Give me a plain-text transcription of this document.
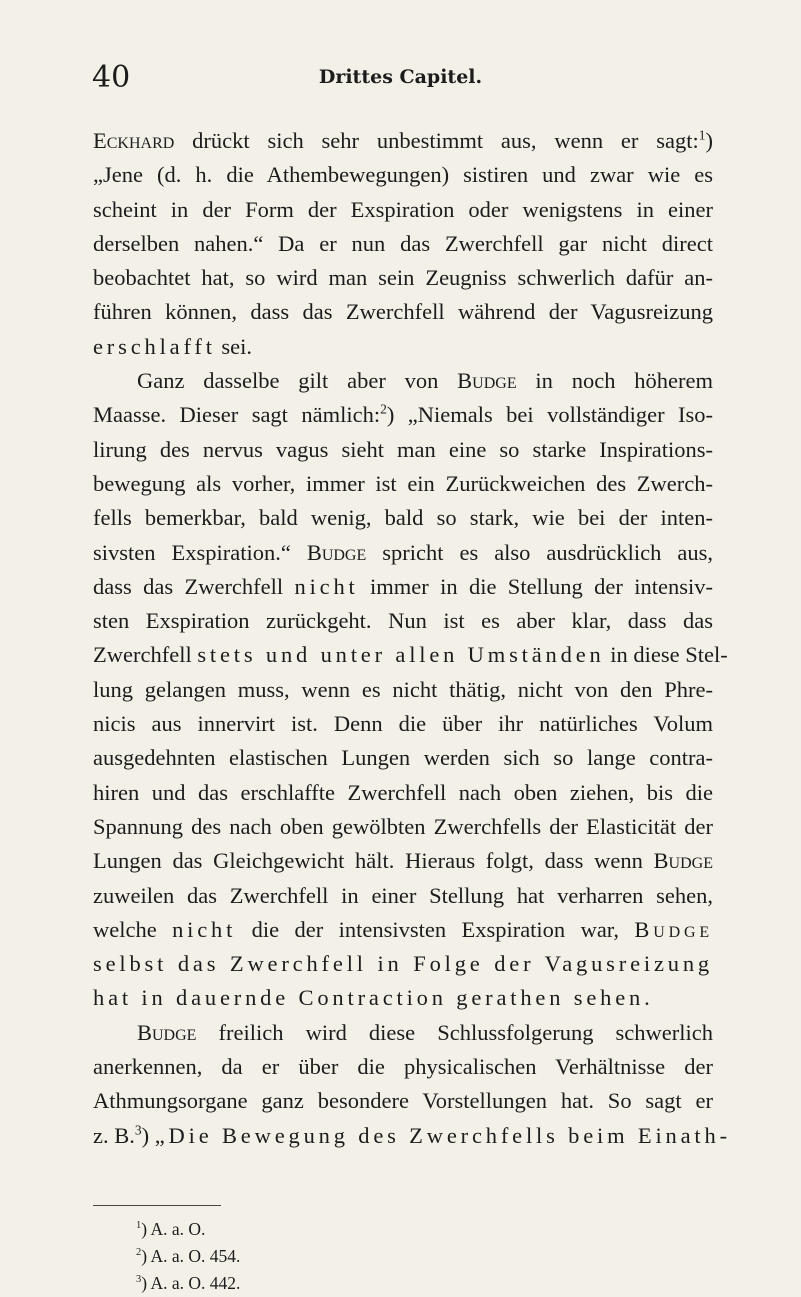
40	Drittes Capitel.
Eckhard drückt sich sehr unbestimmt aus, wenn er sagt:$^1$)
„Jene (d. h. die Athembewegungen) sistiren und zwar wie es
scheint in der Form der Exspiration oder wenigstens in einer
derselben nahen.“ Da er nun das Zwerchfell gar nicht direct
beobachtet hat, so wird man sein Zeugniss schwerlich dafür an-
führen können, dass das Zwerchfell während der Vagusreizung
erschlafft sei.
Ganz dasselbe gilt aber von Budge in noch höherem
Maasse. Dieser sagt nämlich:$^2$) „Niemals bei vollständiger Iso-
lirung des nervus vagus sieht man eine so starke Inspirations-
bewegung als vorher, immer ist ein Zurückweichen des Zwerch-
fells bemerkbar, bald wenig, bald so stark, wie bei der inten-
sivsten Exspiration.“ Budge spricht es also ausdrücklich aus,
dass das Zwerchfell nicht immer in die Stellung der intensiv-
sten Exspiration zurückgeht. Nun ist es aber klar, dass das
Zwerchfell stets und unter allen Umständen in diese Stel-
lung gelangen muss, wenn es nicht thätig, nicht von den Phre-
nicis aus innervirt ist. Denn die über ihr natürliches Volum
ausgedehnten elastischen Lungen werden sich so lange contra-
hiren und das erschlaffte Zwerchfell nach oben ziehen, bis die
Spannung des nach oben gewölbten Zwerchfells der Elasticität der
Lungen das Gleichgewicht hält. Hieraus folgt, dass wenn Budge
zuweilen das Zwerchfell in einer Stellung hat verharren sehen,
welche nicht die der intensivsten Exspiration war, Budge
selbst das Zwerchfell in Folge der Vagusreizung
hat in dauernde Contraction gerathen sehen.
Budge freilich wird diese Schlussfolgerung schwerlich
anerkennen, da er über die physicalischen Verhältnisse der
Athmungsorgane ganz besondere Vorstellungen hat. So sagt er
z. B.$^3$) „Die Bewegung des Zwerchfells beim Einath-
$^1$) A. a. O.
$^2$) A. a. O. 454.
$^3$) A. a. O. 442.
